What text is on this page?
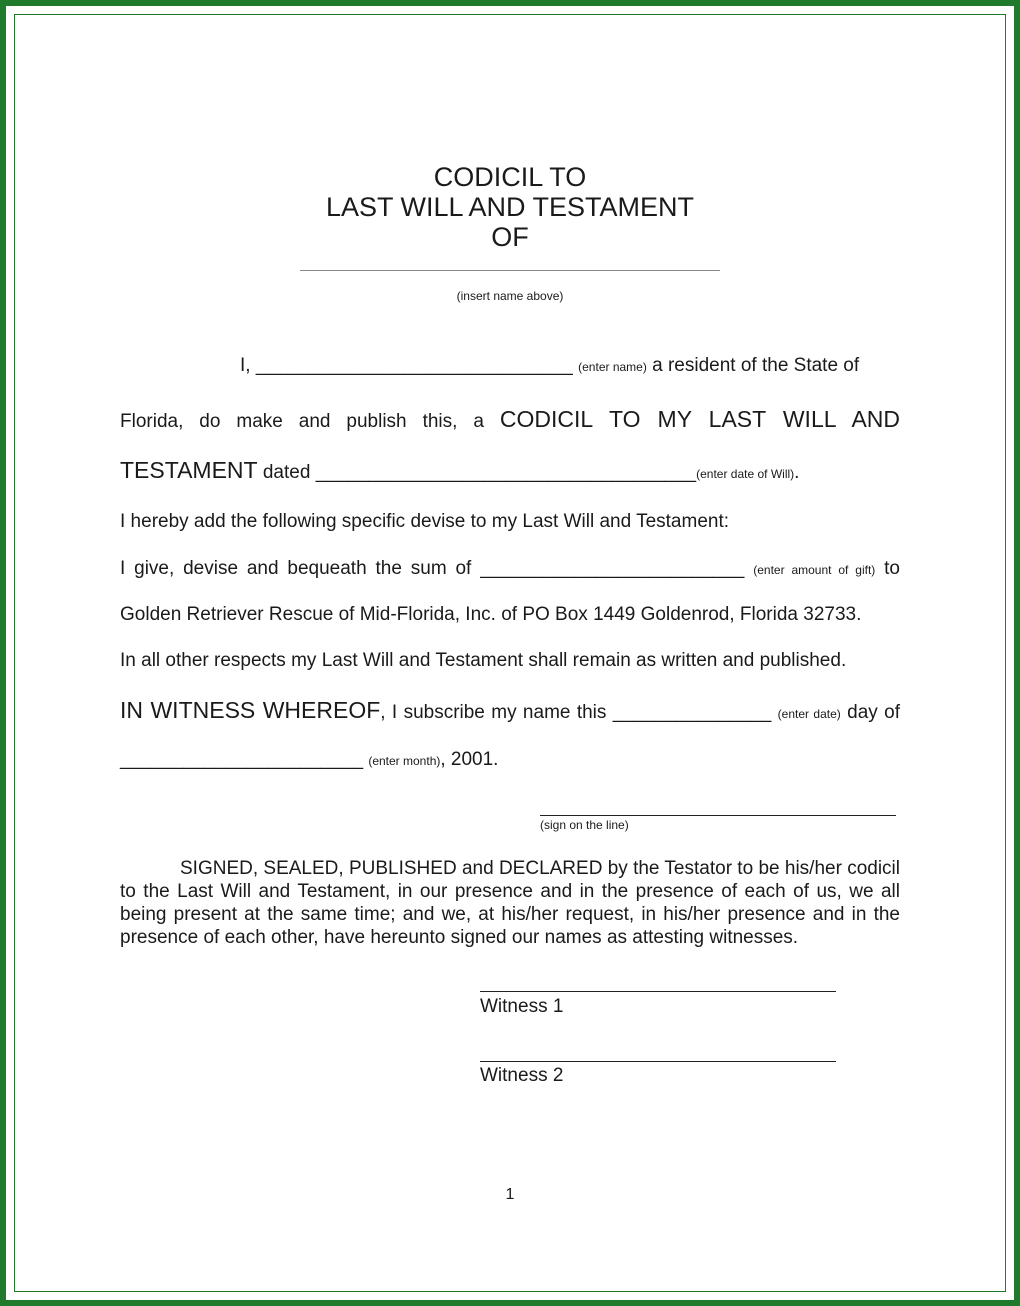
CODICIL TO
LAST WILL AND TESTAMENT
OF
(insert name above)
I, ______________________________ (enter name) a resident of the State of
Florida, do make and publish this, a CODICIL TO MY LAST WILL AND
TESTAMENT dated ____________________________________(enter date of Will).
I hereby add the following specific devise to my Last Will and Testament:
I give, devise and bequeath the sum of _________________________ (enter amount of gift) to
Golden Retriever Rescue of Mid-Florida, Inc. of PO Box 1449 Goldenrod, Florida 32733.
In all other respects my Last Will and Testament shall remain as written and published.
IN WITNESS WHEREOF, I subscribe my name this _______________ (enter date) day of
_______________________ (enter month), 2001.
(sign on the line)
SIGNED, SEALED, PUBLISHED and DECLARED by the Testator to be his/her codicil to the Last Will and Testament, in our presence and in the presence of each of us, we all being present at the same time; and we, at his/her request, in his/her presence and in the presence of each other, have hereunto signed our names as attesting witnesses.
Witness 1
Witness 2
1
